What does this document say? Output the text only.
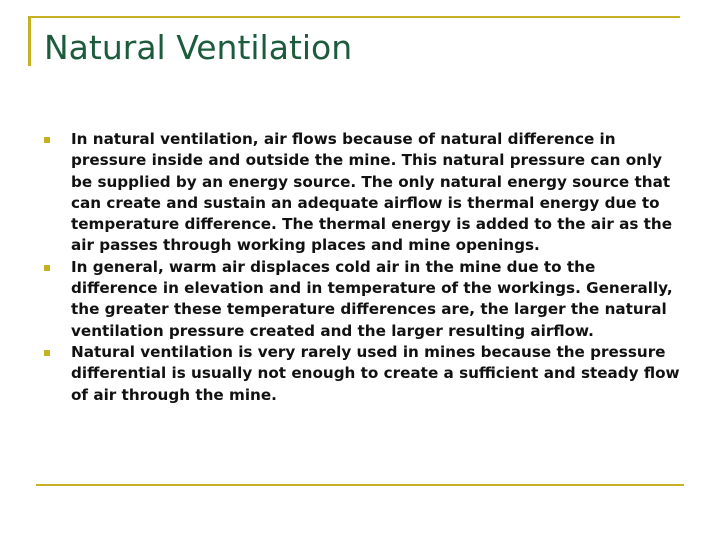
Natural Ventilation
In natural ventilation, air flows because of natural difference in pressure inside and outside the mine. This natural pressure can only be supplied by an energy source. The only natural energy source that can create and sustain an adequate airflow is thermal energy due to temperature difference. The thermal energy is added to the air as the air passes through working places and mine openings.
In general, warm air displaces cold air in the mine due to the difference in elevation and in temperature of the workings. Generally, the greater these temperature differences are, the larger the natural ventilation pressure created and the larger resulting airflow.
Natural ventilation is very rarely used in mines because the pressure differential is usually not enough to create a sufficient and steady flow of air through the mine.
